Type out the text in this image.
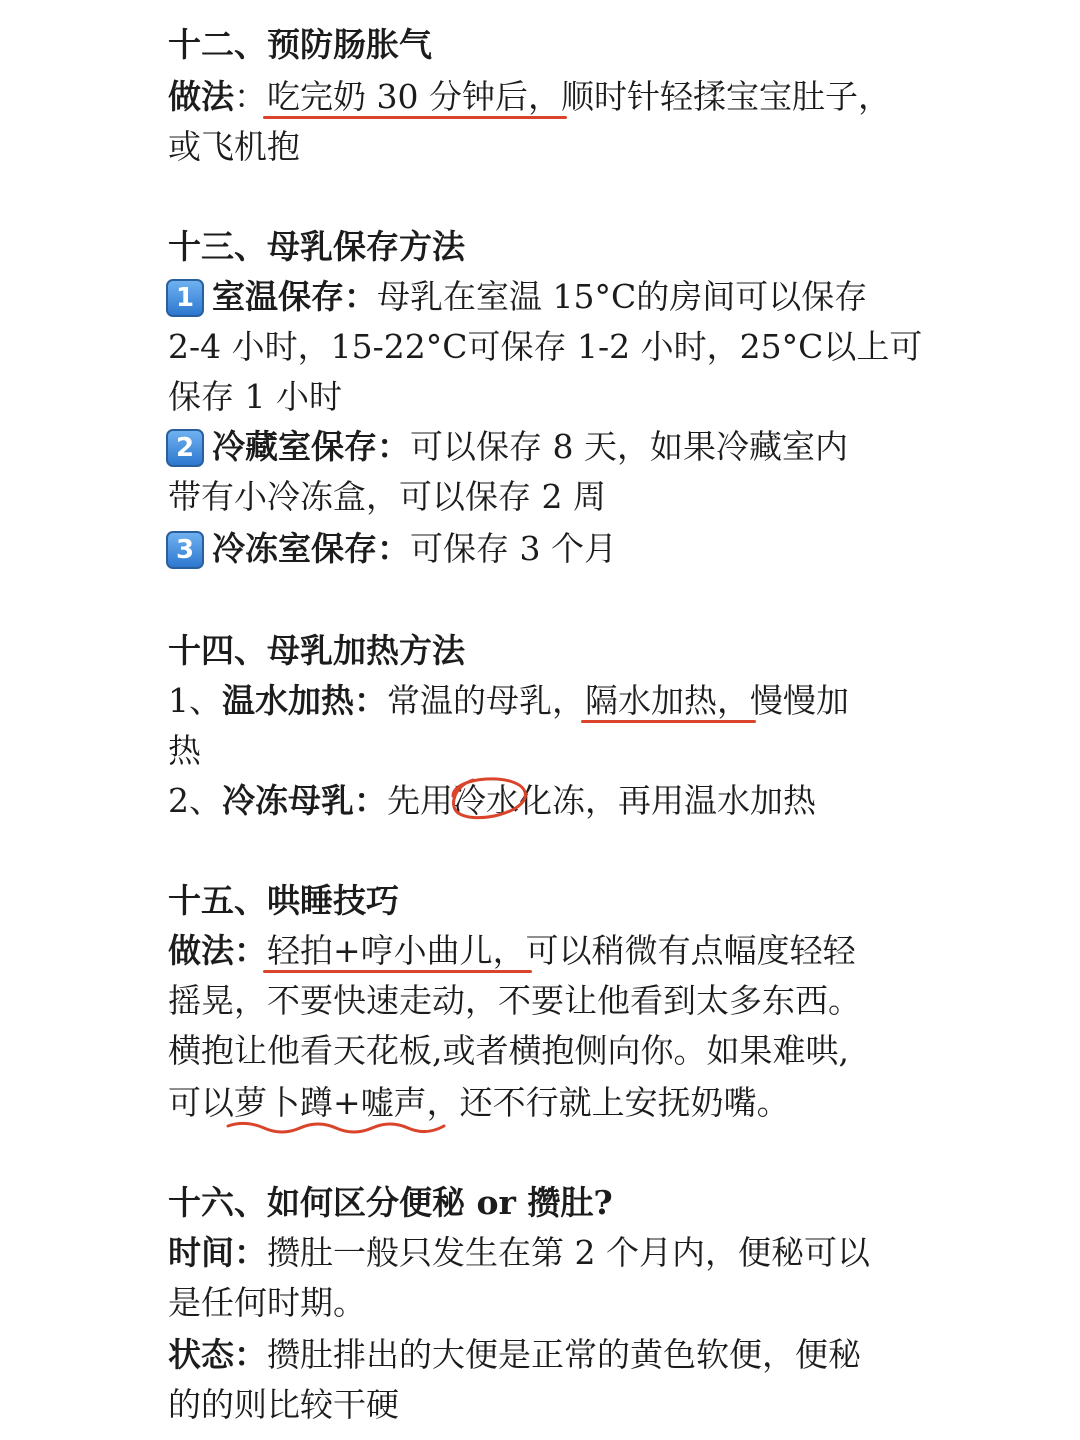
十二、预防肠胀气
做法：吃完奶 30 分钟后，顺时针轻揉宝宝肚子，
或飞机抱
十三、母乳保存方法
1 室温保存：母乳在室温 15°C的房间可以保存
2-4 小时，15-22°C可保存 1-2 小时，25°C以上可
保存 1 小时
2 冷藏室保存：可以保存 8 天，如果冷藏室内
带有小冷冻盒，可以保存 2 周
3 冷冻室保存：可保存 3 个月
十四、母乳加热方法
1、温水加热：常温的母乳，隔水加热，慢慢加
热
2、冷冻母乳：先用冷水
化冻，再用温水加热
十五、哄睡技巧
做法：轻拍+哼小曲儿，可以稍微有点幅度轻轻
摇晃，不要快速走动，不要让他看到太多东西。
横抱让他看天花板,或者横抱侧向你。如果难哄,
可以萝卜蹲+嘘声，
还不行就上安抚奶嘴。
十六、如何区分便秘 or 攒肚?
时间：攒肚一般只发生在第 2 个月内，便秘可以
是任何时期。
状态：攒肚排出的大便是正常的黄色软便，便秘
的的则比较干硬
